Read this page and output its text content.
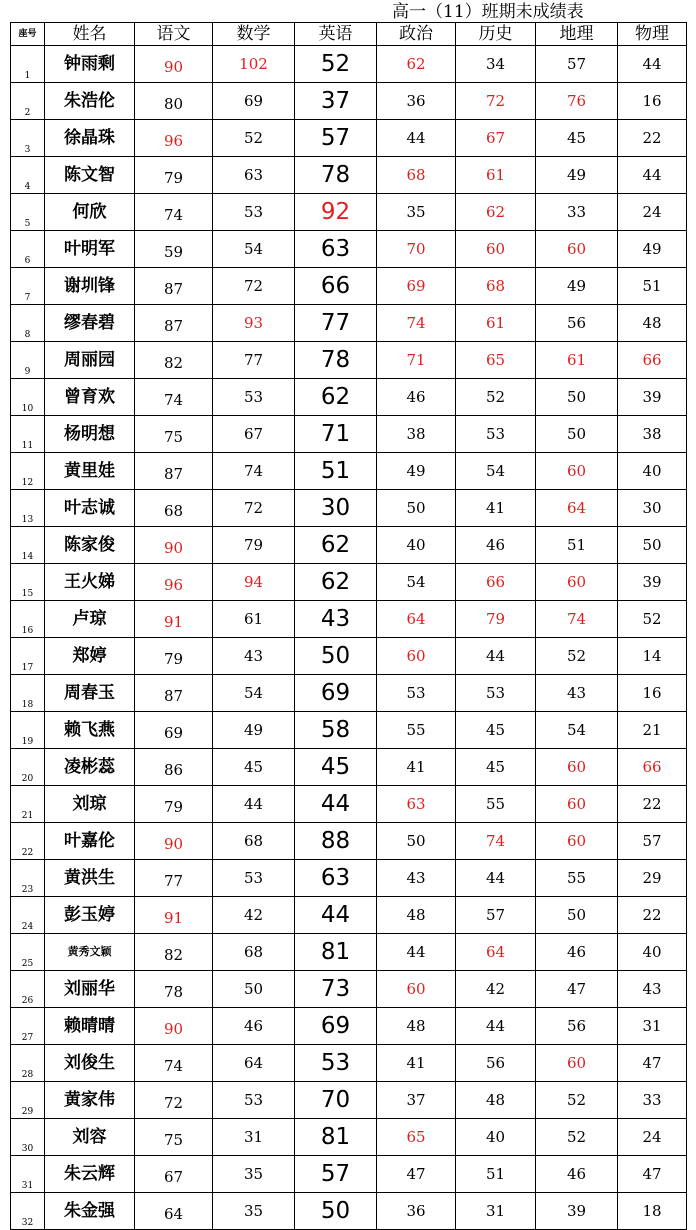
高一（11）班期未成绩表
座号	姓名	语文	数学	英语	政治	历史	地理	物理
1	钟雨剩	90	102	52	62	34	57	44
2	朱浩伦	80	69	37	36	72	76	16
3	徐晶珠	96	52	57	44	67	45	22
4	陈文智	79	63	78	68	61	49	44
5	何欣	74	53	92	35	62	33	24
6	叶明军	59	54	63	70	60	60	49
7	谢圳锋	87	72	66	69	68	49	51
8	缪春碧	87	93	77	74	61	56	48
9	周丽园	82	77	78	71	65	61	66
10	曾育欢	74	53	62	46	52	50	39
11	杨明想	75	67	71	38	53	50	38
12	黄里娃	87	74	51	49	54	60	40
13	叶志诚	68	72	30	50	41	64	30
14	陈家俊	90	79	62	40	46	51	50
15	王火娣	96	94	62	54	66	60	39
16	卢琼	91	61	43	64	79	74	52
17	郑婷	79	43	50	60	44	52	14
18	周春玉	87	54	69	53	53	43	16
19	赖飞燕	69	49	58	55	45	54	21
20	凌彬蕊	86	45	45	41	45	60	66
21	刘琼	79	44	44	63	55	60	22
22	叶嘉伦	90	68	88	50	74	60	57
23	黄洪生	77	53	63	43	44	55	29
24	彭玉婷	91	42	44	48	57	50	22
25	黄秀文颖	82	68	81	44	64	46	40
26	刘丽华	78	50	73	60	42	47	43
27	赖晴晴	90	46	69	48	44	56	31
28	刘俊生	74	64	53	41	56	60	47
29	黄家伟	72	53	70	37	48	52	33
30	刘容	75	31	81	65	40	52	24
31	朱云辉	67	35	57	47	51	46	47
32	朱金强	64	35	50	36	31	39	18
